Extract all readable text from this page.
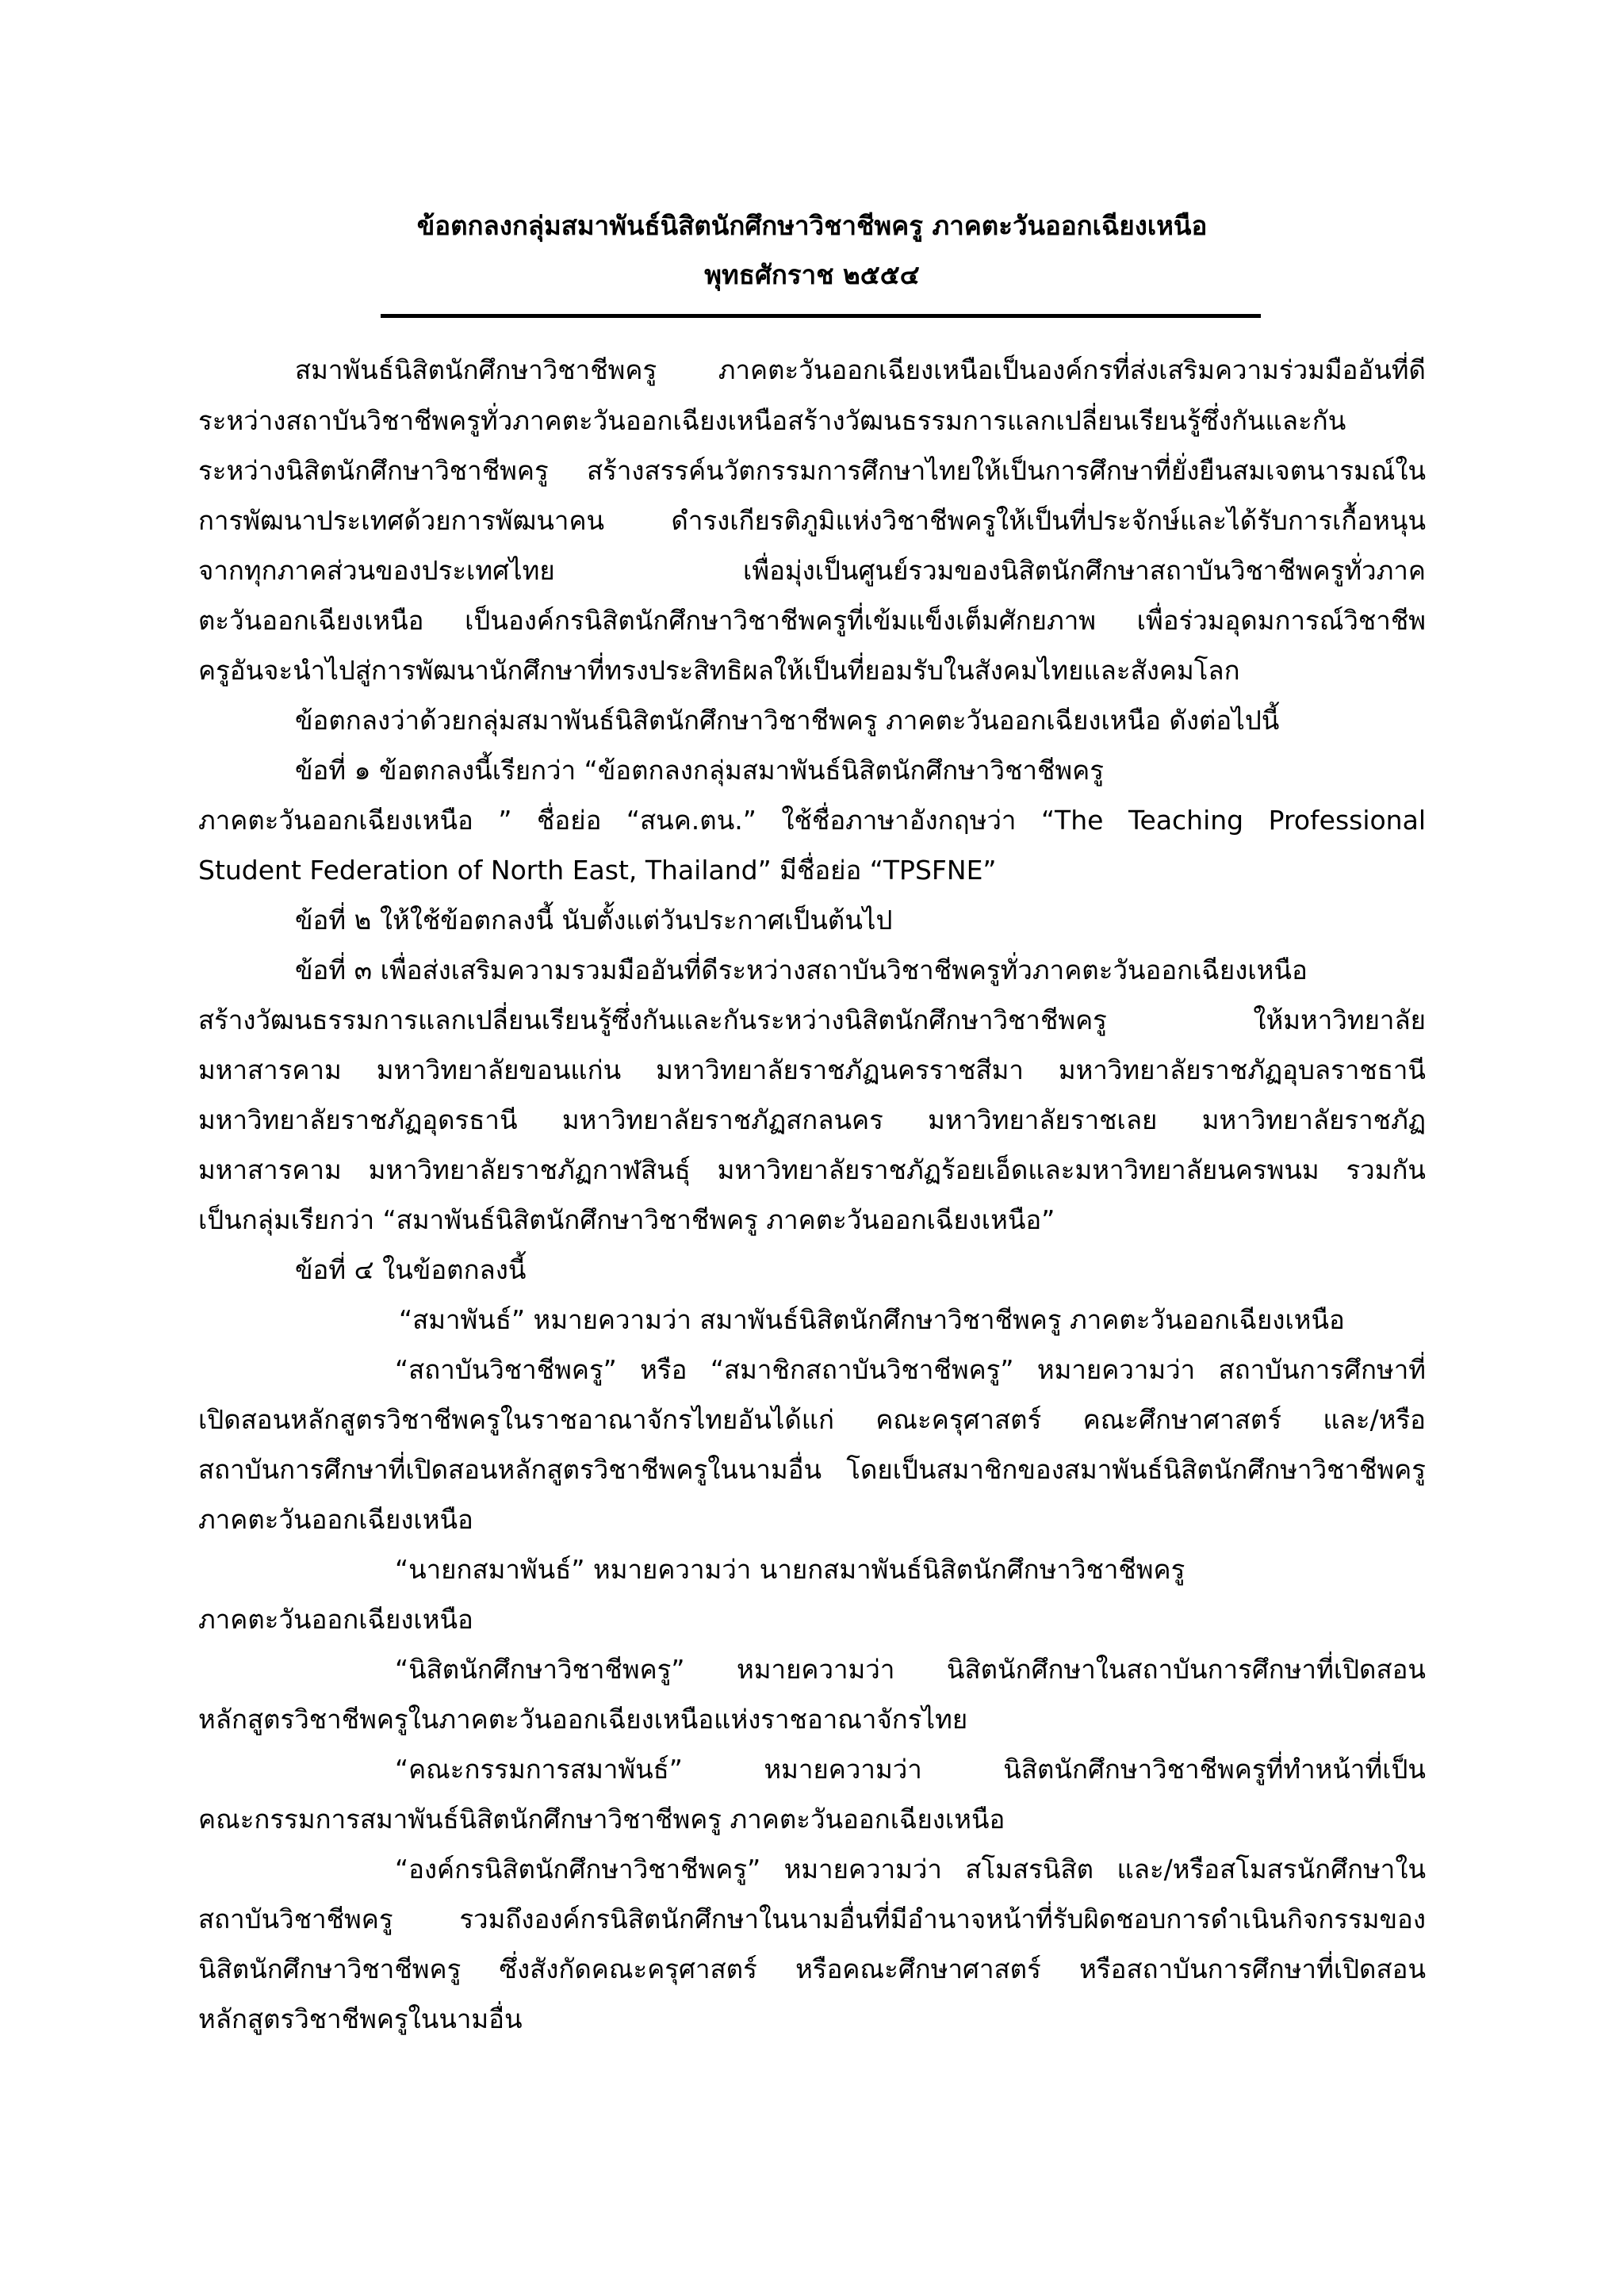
ข้อตกลงกลุ่มสมาพันธ์นิสิตนักศึกษาวิชาชีพครู ภาคตะวันออกเฉียงเหนือ
พุทธศักราช ๒๕๕๔
สมาพันธ์นิสิตนักศึกษาวิชาชีพครู ภาคตะวันออกเฉียงเหนือเป็นองค์กรที่ส่งเสริมความร่วมมืออันที่ดี
ระหว่างสถาบันวิชาชีพครูทั่วภาคตะวันออกเฉียงเหนือสร้างวัฒนธรรมการแลกเปลี่ยนเรียนรู้ซึ่งกันและกัน
ระหว่างนิสิตนักศึกษาวิชาชีพครู สร้างสรรค์นวัตกรรมการศึกษาไทยให้เป็นการศึกษาที่ยั่งยืนสมเจตนารมณ์ใน
การพัฒนาประเทศด้วยการพัฒนาคน ดำรงเกียรติภูมิแห่งวิชาชีพครูให้เป็นที่ประจักษ์และได้รับการเกื้อหนุน
จากทุกภาคส่วนของประเทศไทย เพื่อมุ่งเป็นศูนย์รวมของนิสิตนักศึกษาสถาบันวิชาชีพครูทั่วภาค
ตะวันออกเฉียงเหนือ เป็นองค์กรนิสิตนักศึกษาวิชาชีพครูที่เข้มแข็งเต็มศักยภาพ เพื่อร่วมอุดมการณ์วิชาชีพ
ครูอันจะนำไปสู่การพัฒนานักศึกษาที่ทรงประสิทธิผลให้เป็นที่ยอมรับในสังคมไทยและสังคมโลก
ข้อตกลงว่าด้วยกลุ่มสมาพันธ์นิสิตนักศึกษาวิชาชีพครู ภาคตะวันออกเฉียงเหนือ ดังต่อไปนี้
ข้อที่ ๑ ข้อตกลงนี้เรียกว่า “ข้อตกลงกลุ่มสมาพันธ์นิสิตนักศึกษาวิชาชีพครู
ภาคตะวันออกเฉียงเหนือ ” ชื่อย่อ “สนค.ตน.” ใช้ชื่อภาษาอังกฤษว่า “The Teaching Professional
Student Federation of North East, Thailand” มีชื่อย่อ “TPSFNE”
ข้อที่ ๒ ให้ใช้ข้อตกลงนี้ นับตั้งแต่วันประกาศเป็นต้นไป
ข้อที่ ๓ เพื่อส่งเสริมความรวมมืออันที่ดีระหว่างสถาบันวิชาชีพครูทั่วภาคตะวันออกเฉียงเหนือ
สร้างวัฒนธรรมการแลกเปลี่ยนเรียนรู้ซึ่งกันและกันระหว่างนิสิตนักศึกษาวิชาชีพครู ให้มหาวิทยาลัย
มหาสารคาม มหาวิทยาลัยขอนแก่น มหาวิทยาลัยราชภัฏนครราชสีมา มหาวิทยาลัยราชภัฏอุบลราชธานี
มหาวิทยาลัยราชภัฏอุดรธานี มหาวิทยาลัยราชภัฏสกลนคร มหาวิทยาลัยราชเลย มหาวิทยาลัยราชภัฏ
มหาสารคาม มหาวิทยาลัยราชภัฏกาฬสินธุ์ มหาวิทยาลัยราชภัฏร้อยเอ็ดและมหาวิทยาลัยนครพนม รวมกัน
เป็นกลุ่มเรียกว่า “สมาพันธ์นิสิตนักศึกษาวิชาชีพครู ภาคตะวันออกเฉียงเหนือ”
ข้อที่ ๔ ในข้อตกลงนี้
“สมาพันธ์” หมายความว่า สมาพันธ์นิสิตนักศึกษาวิชาชีพครู ภาคตะวันออกเฉียงเหนือ
“สถาบันวิชาชีพครู” หรือ “สมาชิกสถาบันวิชาชีพครู” หมายความว่า สถาบันการศึกษาที่
เปิดสอนหลักสูตรวิชาชีพครูในราชอาณาจักรไทยอันได้แก่ คณะครุศาสตร์ คณะศึกษาศาสตร์ และ/หรือ
สถาบันการศึกษาที่เปิดสอนหลักสูตรวิชาชีพครูในนามอื่น โดยเป็นสมาชิกของสมาพันธ์นิสิตนักศึกษาวิชาชีพครู
ภาคตะวันออกเฉียงเหนือ
“นายกสมาพันธ์” หมายความว่า นายกสมาพันธ์นิสิตนักศึกษาวิชาชีพครู
ภาคตะวันออกเฉียงเหนือ
“นิสิตนักศึกษาวิชาชีพครู” หมายความว่า นิสิตนักศึกษาในสถาบันการศึกษาที่เปิดสอน
หลักสูตรวิชาชีพครูในภาคตะวันออกเฉียงเหนือแห่งราชอาณาจักรไทย
“คณะกรรมการสมาพันธ์” หมายความว่า นิสิตนักศึกษาวิชาชีพครูที่ทำหน้าที่เป็น
คณะกรรมการสมาพันธ์นิสิตนักศึกษาวิชาชีพครู ภาคตะวันออกเฉียงเหนือ
“องค์กรนิสิตนักศึกษาวิชาชีพครู” หมายความว่า สโมสรนิสิต และ/หรือสโมสรนักศึกษาใน
สถาบันวิชาชีพครู รวมถึงองค์กรนิสิตนักศึกษาในนามอื่นที่มีอำนาจหน้าที่รับผิดชอบการดำเนินกิจกรรมของ
นิสิตนักศึกษาวิชาชีพครู ซึ่งสังกัดคณะครุศาสตร์ หรือคณะศึกษาศาสตร์ หรือสถาบันการศึกษาที่เปิดสอน
หลักสูตรวิชาชีพครูในนามอื่น
